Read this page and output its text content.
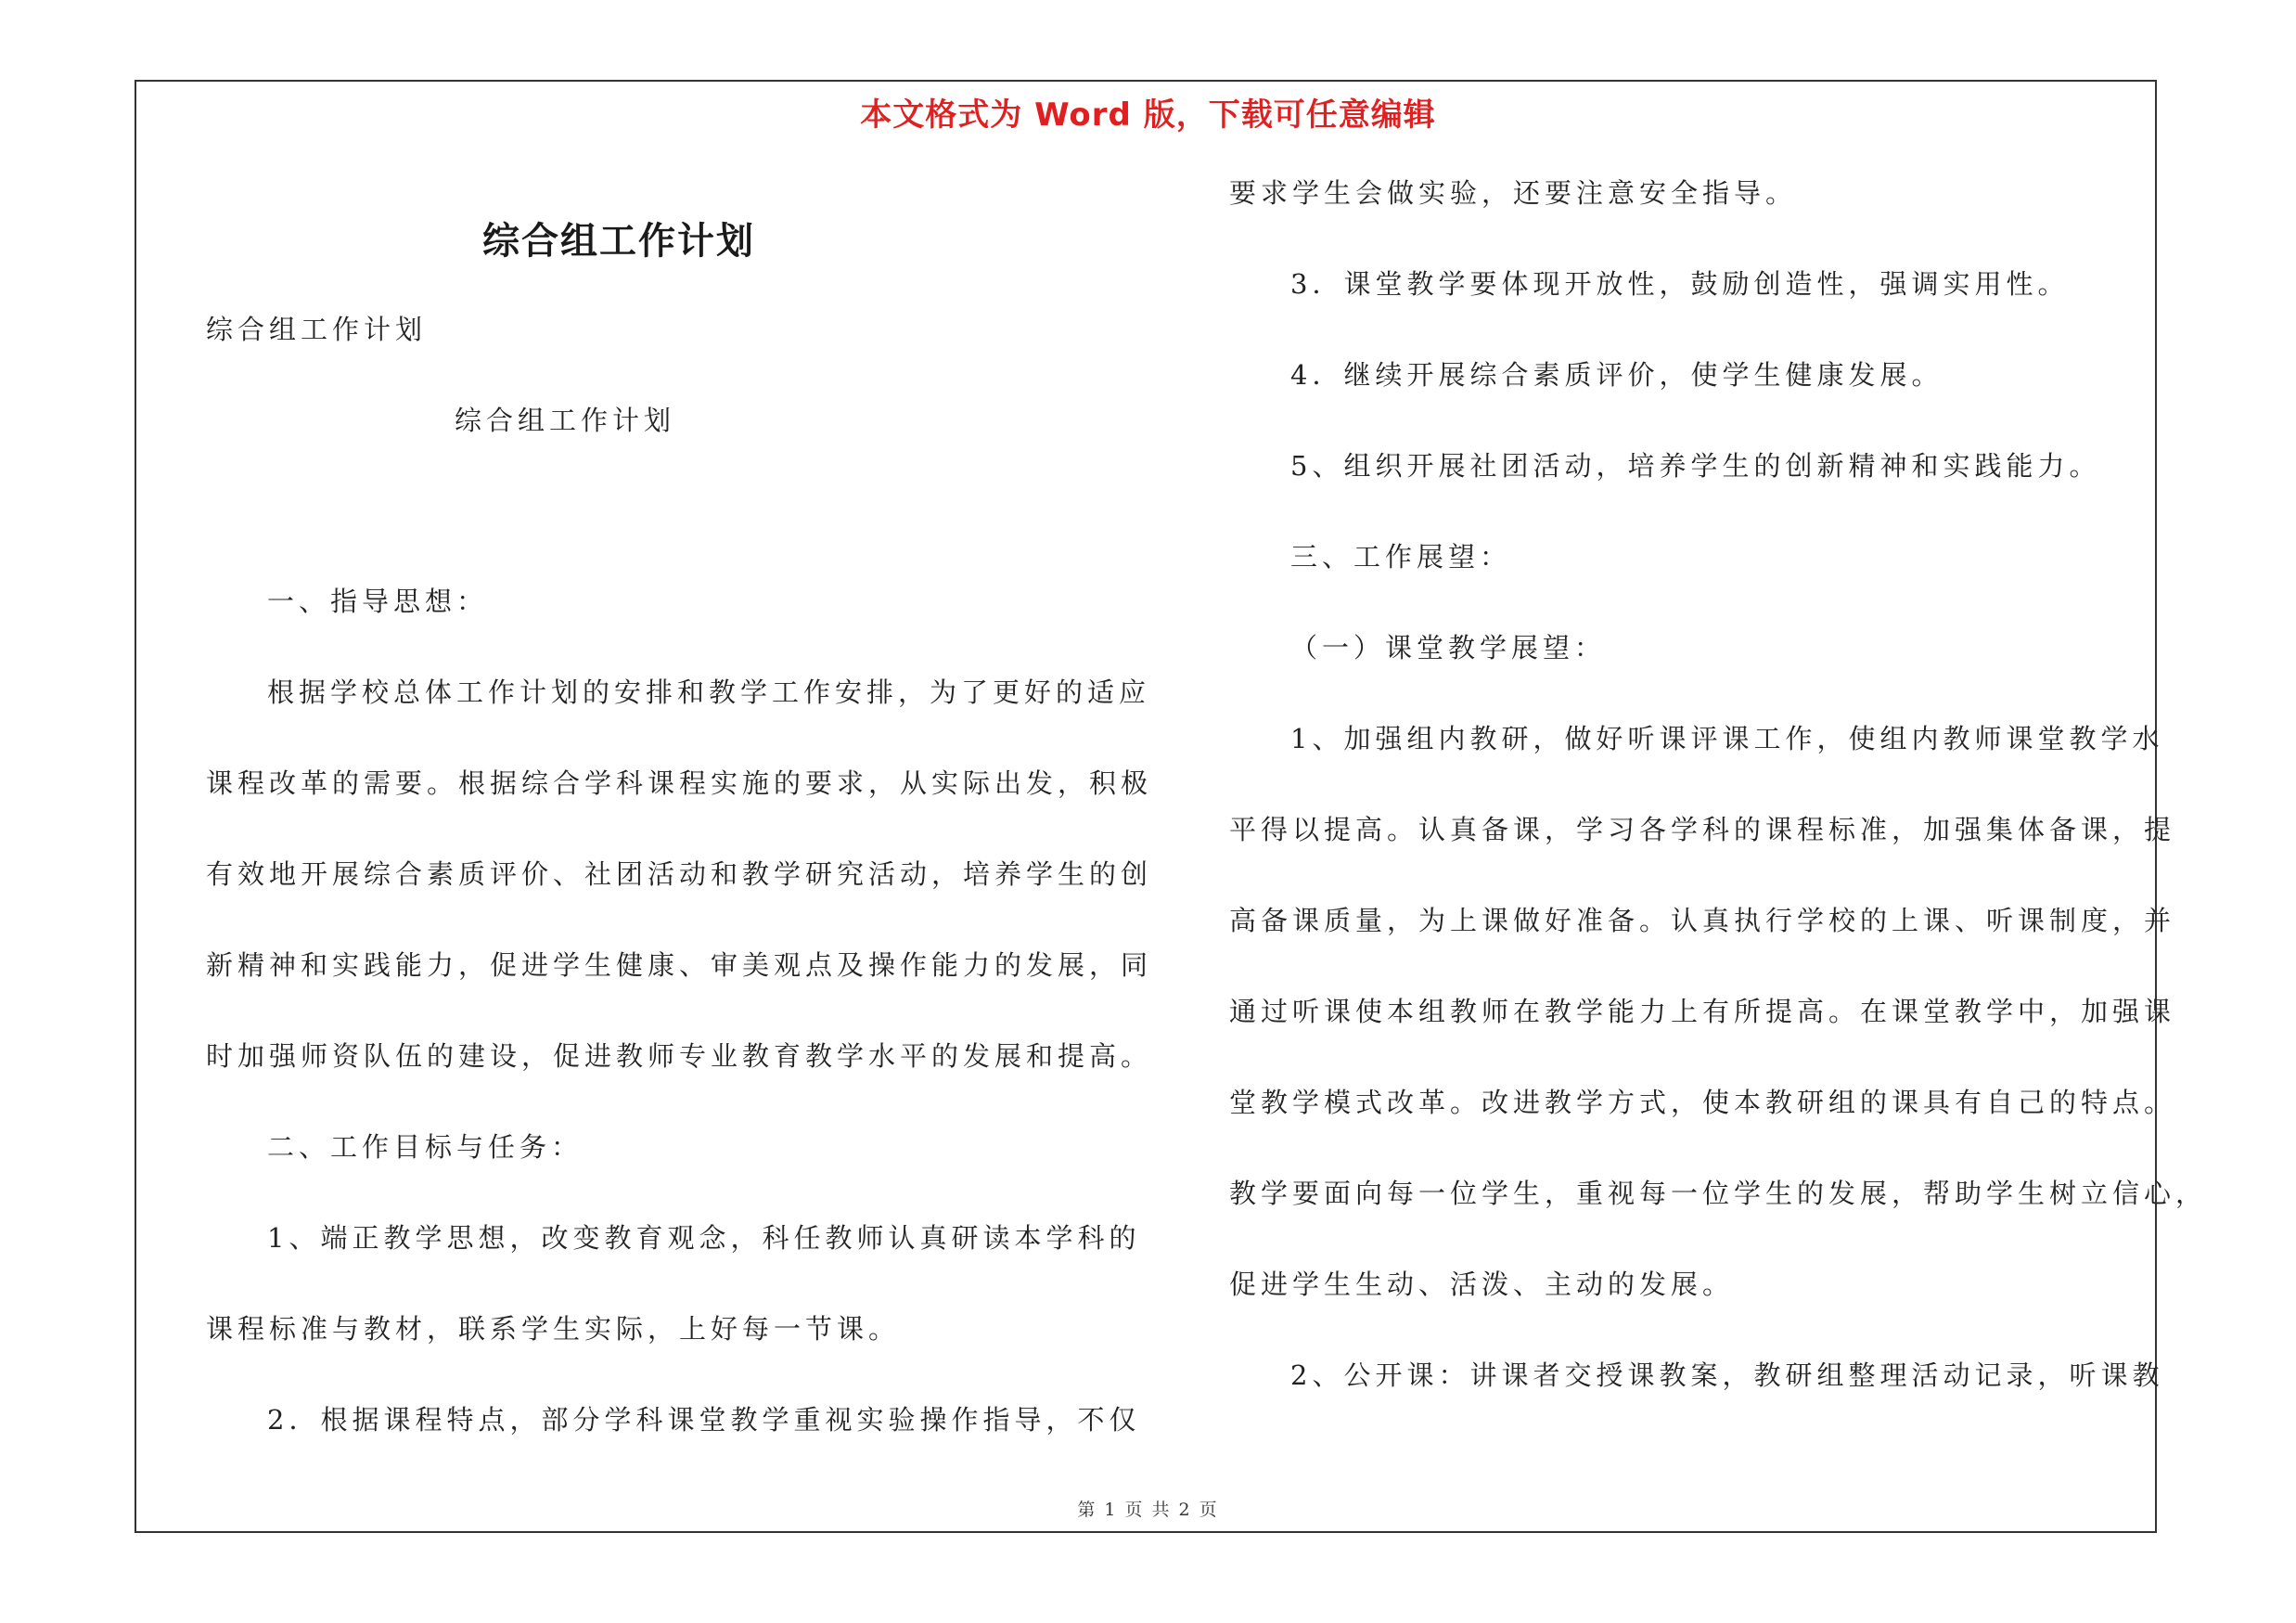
本文格式为 Word 版，下载可任意编辑
综合组工作计划
综合组工作计划
综合组工作计划
一、指导思想：
根据学校总体工作计划的安排和教学工作安排，为了更好的适应
课程改革的需要。根据综合学科课程实施的要求，从实际出发，积极
有效地开展综合素质评价、社团活动和教学研究活动，培养学生的创
新精神和实践能力，促进学生健康、审美观点及操作能力的发展，同
时加强师资队伍的建设，促进教师专业教育教学水平的发展和提高。
二、工作目标与任务：
1、端正教学思想，改变教育观念，科任教师认真研读本学科的
课程标准与教材，联系学生实际，上好每一节课。
2．根据课程特点，部分学科课堂教学重视实验操作指导，不仅
要求学生会做实验，还要注意安全指导。
3．课堂教学要体现开放性，鼓励创造性，强调实用性。
4．继续开展综合素质评价，使学生健康发展。
5、组织开展社团活动，培养学生的创新精神和实践能力。
三、工作展望：
（一）课堂教学展望：
1、加强组内教研，做好听课评课工作，使组内教师课堂教学水
平得以提高。认真备课，学习各学科的课程标准，加强集体备课，提
高备课质量，为上课做好准备。认真执行学校的上课、听课制度，并
通过听课使本组教师在教学能力上有所提高。在课堂教学中，加强课
堂教学模式改革。改进教学方式，使本教研组的课具有自己的特点。
教学要面向每一位学生，重视每一位学生的发展，帮助学生树立信心，
促进学生生动、活泼、主动的发展。
2、公开课：讲课者交授课教案，教研组整理活动记录，听课教
第 1 页 共 2 页
